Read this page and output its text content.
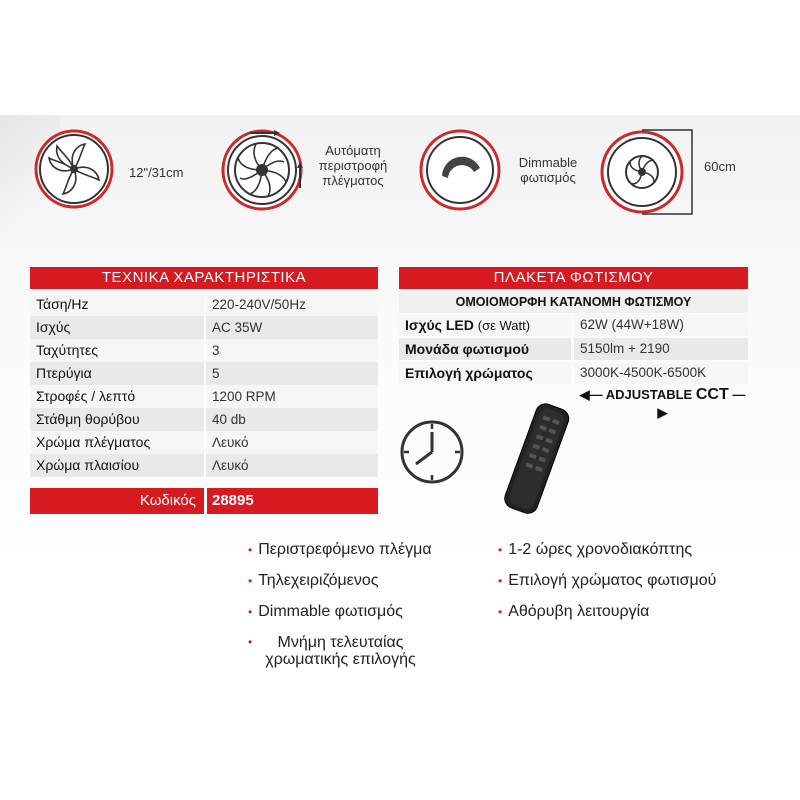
12"/31cm
Αυτόματη
περιστροφή
πλέγματος
Dimmable
φωτισμός
60cm
ΤΕΧΝΙΚΑ ΧΑΡΑΚΤΗΡΙΣΤΙΚΑ
Τάση/Hz	220-240V/50Hz
Ισχύς	AC 35W
Ταχύτητες	3
Πτερύγια	5
Στροφές / λεπτό	1200 RPM
Στάθμη θορύβου	40 db
Χρώμα πλέγματος	Λευκό
Χρώμα πλαισίου	Λευκό
Κωδικός	28895
ΠΛΑΚΕΤΑ ΦΩΤΙΣΜΟΥ
ΟΜΟΙΟΜΟΡΦΗ ΚΑΤΑΝΟΜΗ ΦΩΤΙΣΜΟΥ
Ισχύς LED (σε Watt)	62W (44W+18W)
Μονάδα φωτισμού	5150lm + 2190
Επιλογή χρώματος	3000K-4500K-6500K
◀— ADJUSTABLE CCT —▶
• Περιστρεφόμενο πλέγμα
• Τηλεχειριζόμενος
• Dimmable φωτισμός
•	Μνήμη τελευταίας χρωματικής επιλογής
• 1-2 ώρες χρονοδιακόπτης
• Επιλογή χρώματος φωτισμού
• Αθόρυβη λειτουργία
